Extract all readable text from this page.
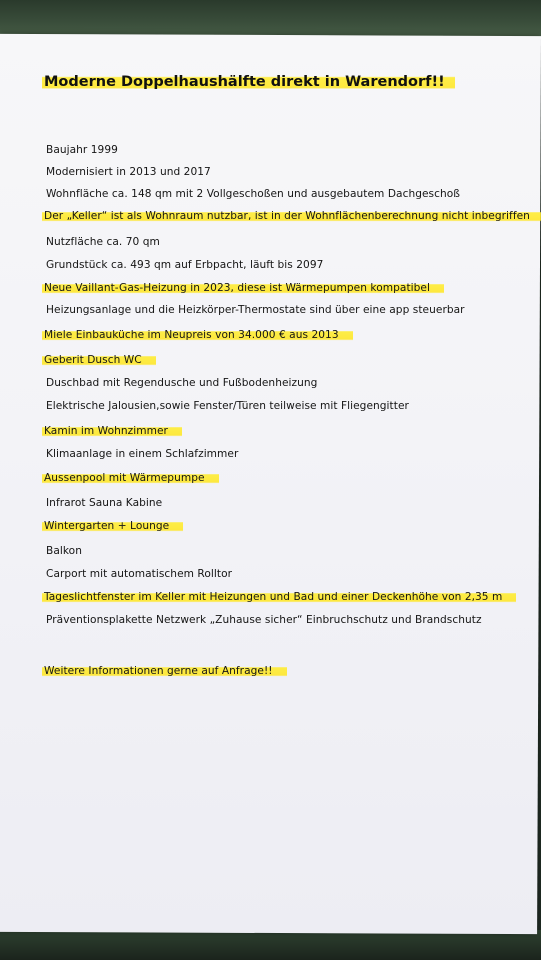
Moderne Doppelhaushälfte direkt in Warendorf!!
Baujahr 1999
Modernisiert in 2013 und 2017
Wohnfläche ca. 148 qm mit 2 Vollgeschoßen und ausgebautem Dachgeschoß
Der „Keller“ ist als Wohnraum nutzbar, ist in der Wohnflächenberechnung nicht inbegriffen
Nutzfläche ca. 70 qm
Grundstück ca. 493 qm auf Erbpacht, läuft bis 2097
Neue Vaillant-Gas-Heizung in 2023, diese ist Wärmepumpen kompatibel
Heizungsanlage und die Heizkörper-Thermostate sind über eine app steuerbar
Miele Einbauküche im Neupreis von 34.000 € aus 2013
Geberit Dusch WC
Duschbad mit Regendusche und Fußbodenheizung
Elektrische Jalousien,sowie Fenster/Türen teilweise mit Fliegengitter
Kamin im Wohnzimmer
Klimaanlage in einem Schlafzimmer
Aussenpool mit Wärmepumpe
Infrarot Sauna Kabine
Wintergarten + Lounge
Balkon
Carport mit automatischem Rolltor
Tageslichtfenster im Keller mit Heizungen und Bad und einer Deckenhöhe von 2,35 m
Präventionsplakette Netzwerk „Zuhause sicher“ Einbruchschutz und Brandschutz
Weitere Informationen gerne auf Anfrage!!
